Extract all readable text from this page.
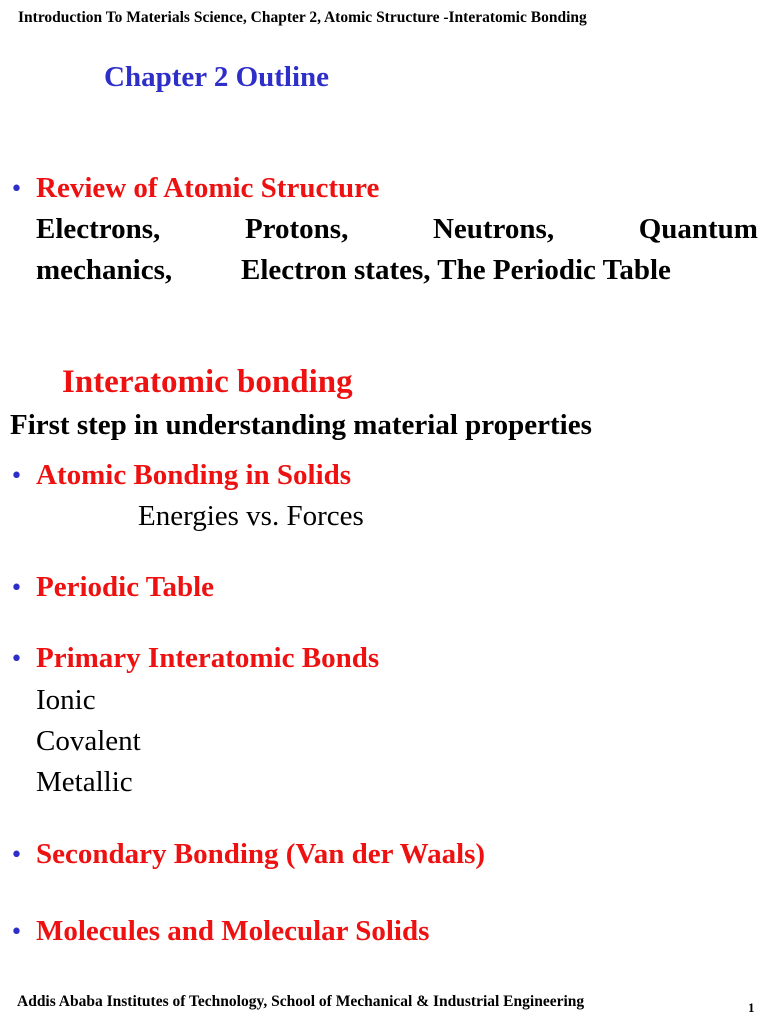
Introduction To Materials Science, Chapter 2, Atomic Structure -Interatomic Bonding
Chapter 2 Outline
• Review of Atomic Structure
Electrons,	Protons,	Neutrons,	Quantum
mechanics, Electron states, The Periodic Table
Interatomic bonding
First step in understanding material properties
• Atomic Bonding in Solids
Energies vs. Forces
• Periodic Table
• Primary Interatomic Bonds
Ionic
Covalent
Metallic
• Secondary Bonding (Van der Waals)
• Molecules and Molecular Solids
Addis Ababa Institutes of Technology, School of Mechanical & Industrial Engineering	1
